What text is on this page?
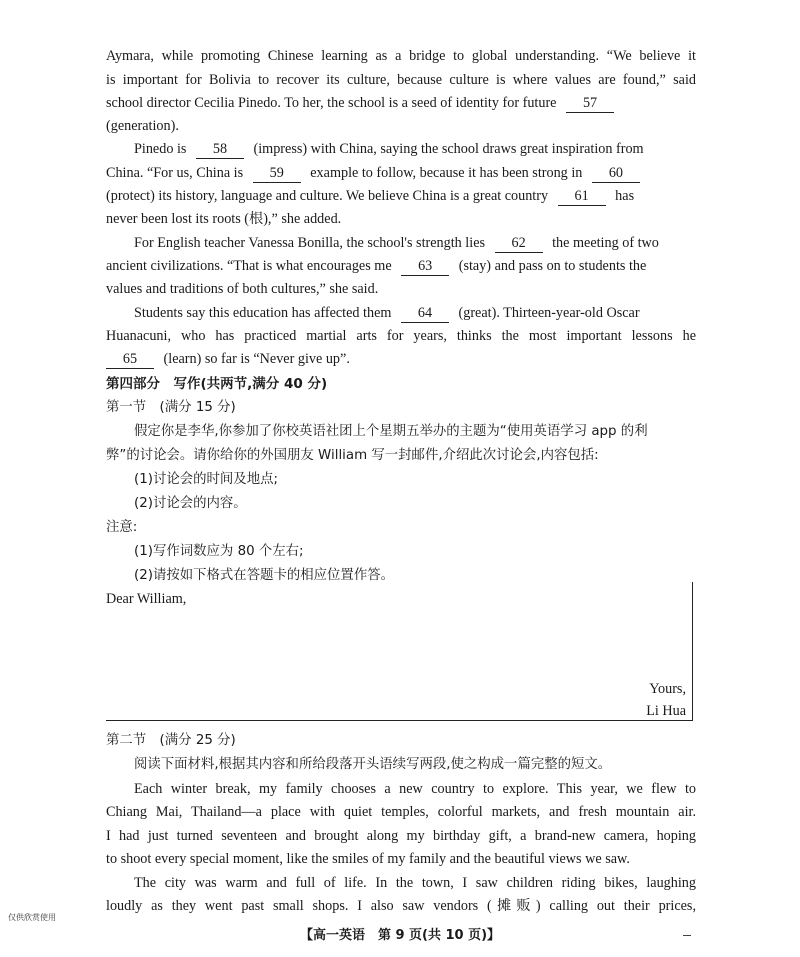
Aymara, while promoting Chinese learning as a bridge to global understanding. “We believe it
is important for Bolivia to recover its culture, because culture is where values are found,” said
school director Cecilia Pinedo. To her, the school is a seed of identity for future 57
(generation).
Pinedo is 58 (impress) with China, saying the school draws great inspiration from
China. “For us, China is 59 example to follow, because it has been strong in 60
(protect) its history, language and culture. We believe China is a great country 61 has
never been lost its roots (根),” she added.
For English teacher Vanessa Bonilla, the school's strength lies 62 the meeting of two
ancient civilizations. “That is what encourages me 63 (stay) and pass on to students the
values and traditions of both cultures,” she said.
Students say this education has affected them 64 (great). Thirteen-year-old Oscar
Huanacuni, who has practiced martial arts for years, thinks the most important lessons he
65 (learn) so far is “Never give up”.
第四部分　写作(共两节,满分 40 分)
第一节　(满分 15 分)
假定你是李华,你参加了你校英语社团上个星期五举办的主题为“使用英语学习 app 的利
弊”的讨论会。请你给你的外国朋友 William 写一封邮件,介绍此次讨论会,内容包括:
(1)讨论会的时间及地点;
(2)讨论会的内容。
注意:
(1)写作词数应为 80 个左右;
(2)请按如下格式在答题卡的相应位置作答。
Dear William,
Yours,
Li Hua
第二节　(满分 25 分)
阅读下面材料,根据其内容和所给段落开头语续写两段,使之构成一篇完整的短文。
Each winter break, my family chooses a new country to explore. This year, we flew to
Chiang Mai, Thailand—a place with quiet temples, colorful markets, and fresh mountain air.
I had just turned seventeen and brought along my birthday gift, a brand-new camera, hoping
to shoot every special moment, like the smiles of my family and the beautiful views we saw.
The city was warm and full of life. In the town, I saw children riding bikes, laughing
loudly as they went past small shops. I also saw vendors (摊贩) calling out their prices,
仅供欣赏使用
【高一英语　第 9 页(共 10 页)】
